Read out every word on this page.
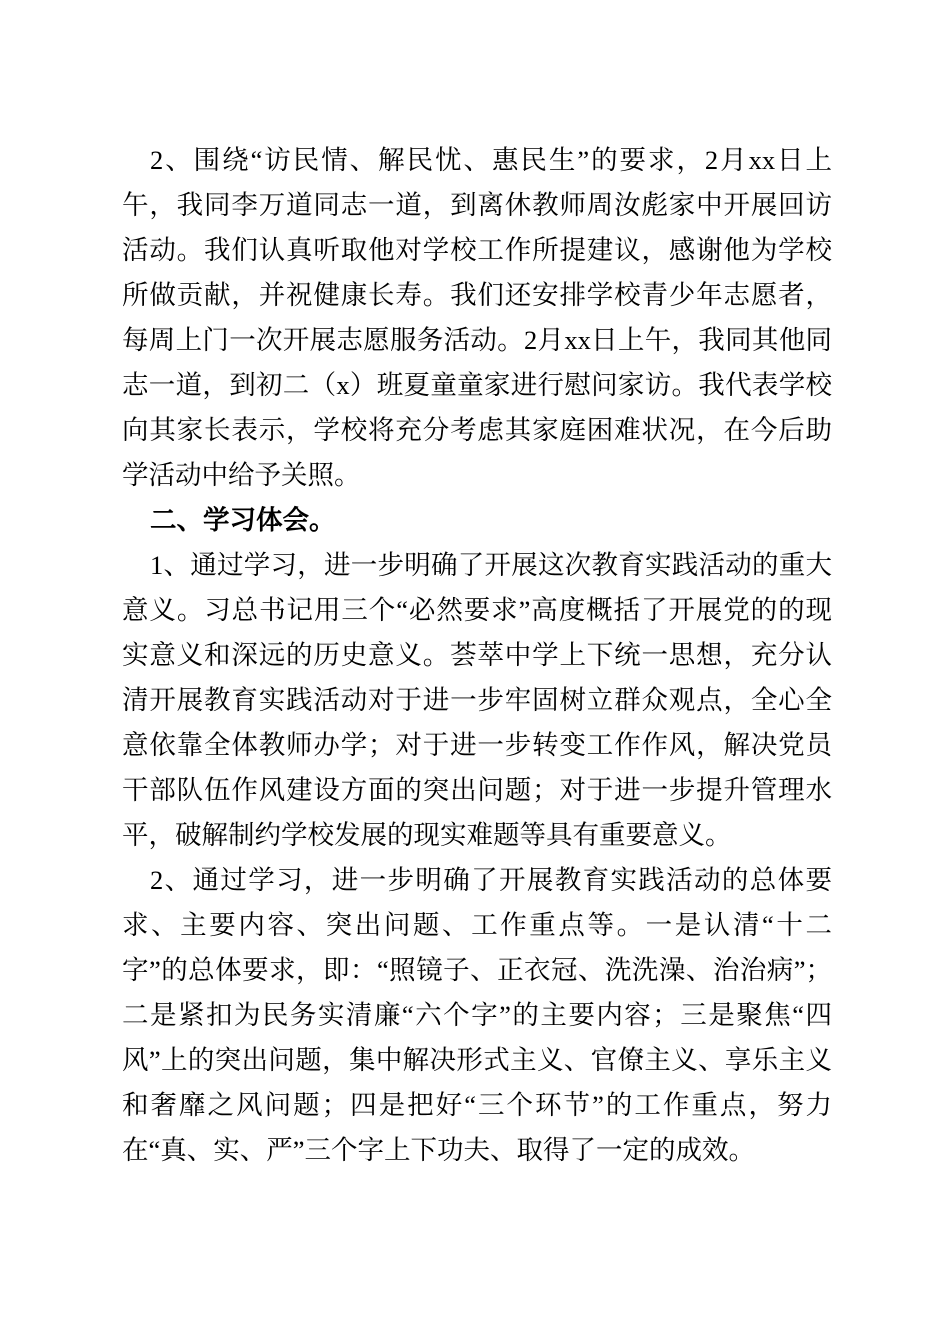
2、围绕“访民情、解民忧、惠民生”的要求，2月xx日上午，我同李万道同志一道，到离休教师周汝彪家中开展回访活动。我们认真听取他对学校工作所提建议，感谢他为学校所做贡献，并祝健康长寿。我们还安排学校青少年志愿者，每周上门一次开展志愿服务活动。2月xx日上午，我同其他同志一道，到初二（x）班夏童童家进行慰问家访。我代表学校向其家长表示，学校将充分考虑其家庭困难状况，在今后助学活动中给予关照。

二、学习体会。

1、通过学习，进一步明确了开展这次教育实践活动的重大意义。习总书记用三个“必然要求”高度概括了开展党的的现实意义和深远的历史意义。荟萃中学上下统一思想，充分认清开展教育实践活动对于进一步牢固树立群众观点，全心全意依靠全体教师办学；对于进一步转变工作作风，解决党员干部队伍作风建设方面的突出问题；对于进一步提升管理水平，破解制约学校发展的现实难题等具有重要意义。

2、通过学习，进一步明确了开展教育实践活动的总体要求、主要内容、突出问题、工作重点等。一是认清“十二字”的总体要求，即：“照镜子、正衣冠、洗洗澡、治治病”；二是紧扣为民务实清廉“六个字”的主要内容；三是聚焦“四风”上的突出问题，集中解决形式主义、官僚主义、享乐主义和奢靡之风问题；四是把好“三个环节”的工作重点，努力在“真、实、严”三个字上下功夫、取得了一定的成效。
